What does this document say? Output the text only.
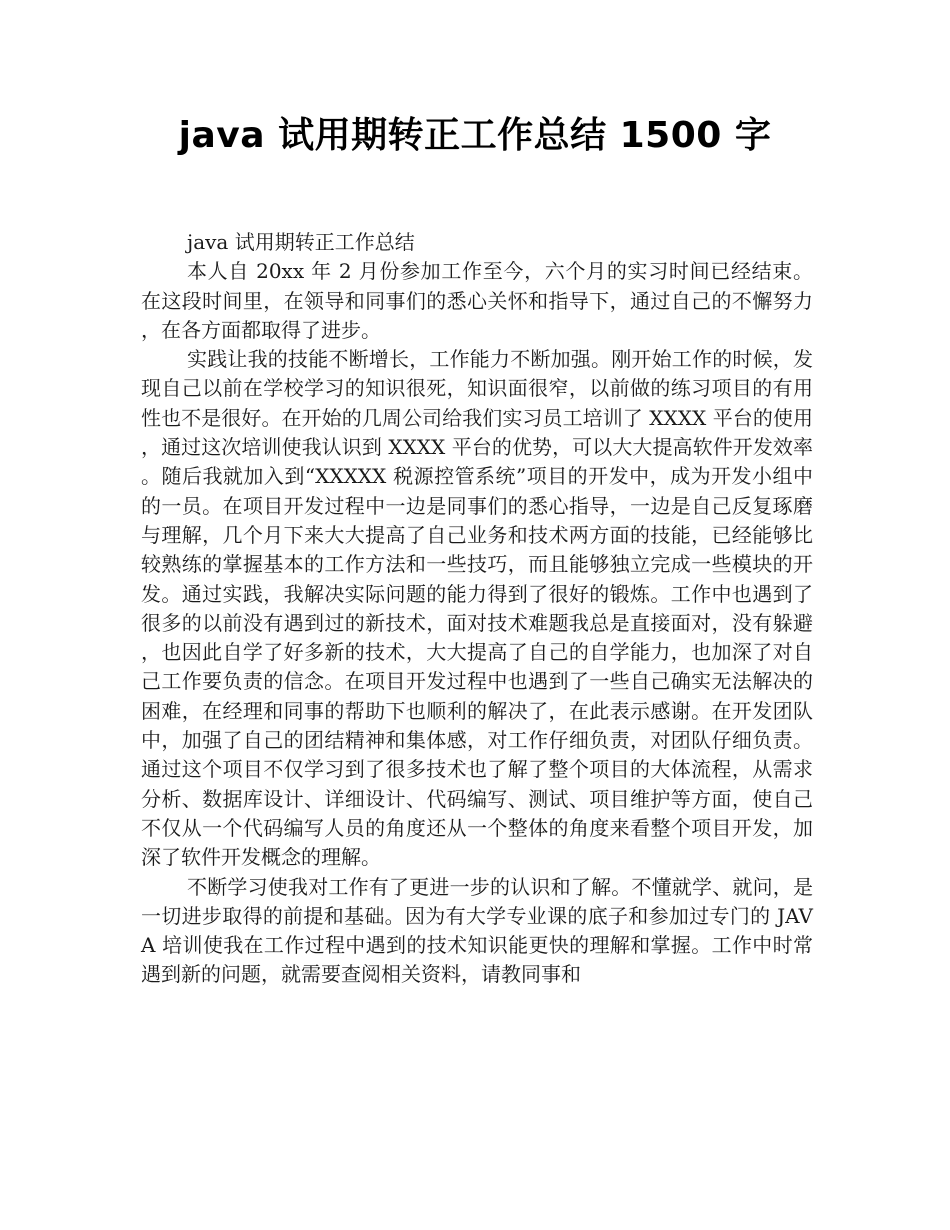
java 试用期转正工作总结 1500 字

java 试用期转正工作总结

本人自 20xx 年 2 月份参加工作至今，六个月的实习时间已经结束。在这段时间里，在领导和同事们的悉心关怀和指导下，通过自己的不懈努力，在各方面都取得了进步。

实践让我的技能不断增长，工作能力不断加强。刚开始工作的时候，发现自己以前在学校学习的知识很死，知识面很窄，以前做的练习项目的有用性也不是很好。在开始的几周公司给我们实习员工培训了 XXXX 平台的使用，通过这次培训使我认识到 XXXX 平台的优势，可以大大提高软件开发效率。随后我就加入到“XXXXX 税源控管系统”项目的开发中，成为开发小组中的一员。在项目开发过程中一边是同事们的悉心指导，一边是自己反复琢磨与理解，几个月下来大大提高了自己业务和技术两方面的技能，已经能够比较熟练的掌握基本的工作方法和一些技巧，而且能够独立完成一些模块的开发。通过实践，我解决实际问题的能力得到了很好的锻炼。工作中也遇到了很多的以前没有遇到过的新技术，面对技术难题我总是直接面对，没有躲避，也因此自学了好多新的技术，大大提高了自己的自学能力，也加深了对自己工作要负责的信念。在项目开发过程中也遇到了一些自己确实无法解决的困难，在经理和同事的帮助下也顺利的解决了，在此表示感谢。在开发团队中，加强了自己的团结精神和集体感，对工作仔细负责，对团队仔细负责。通过这个项目不仅学习到了很多技术也了解了整个项目的大体流程，从需求分析、数据库设计、详细设计、代码编写、测试、项目维护等方面，使自己不仅从一个代码编写人员的角度还从一个整体的角度来看整个项目开发，加深了软件开发概念的理解。

不断学习使我对工作有了更进一步的认识和了解。不懂就学、就问，是一切进步取得的前提和基础。因为有大学专业课的底子和参加过专门的 JAVA 培训使我在工作过程中遇到的技术知识能更快的理解和掌握。工作中时常遇到新的问题，就需要查阅相关资料，请教同事和
